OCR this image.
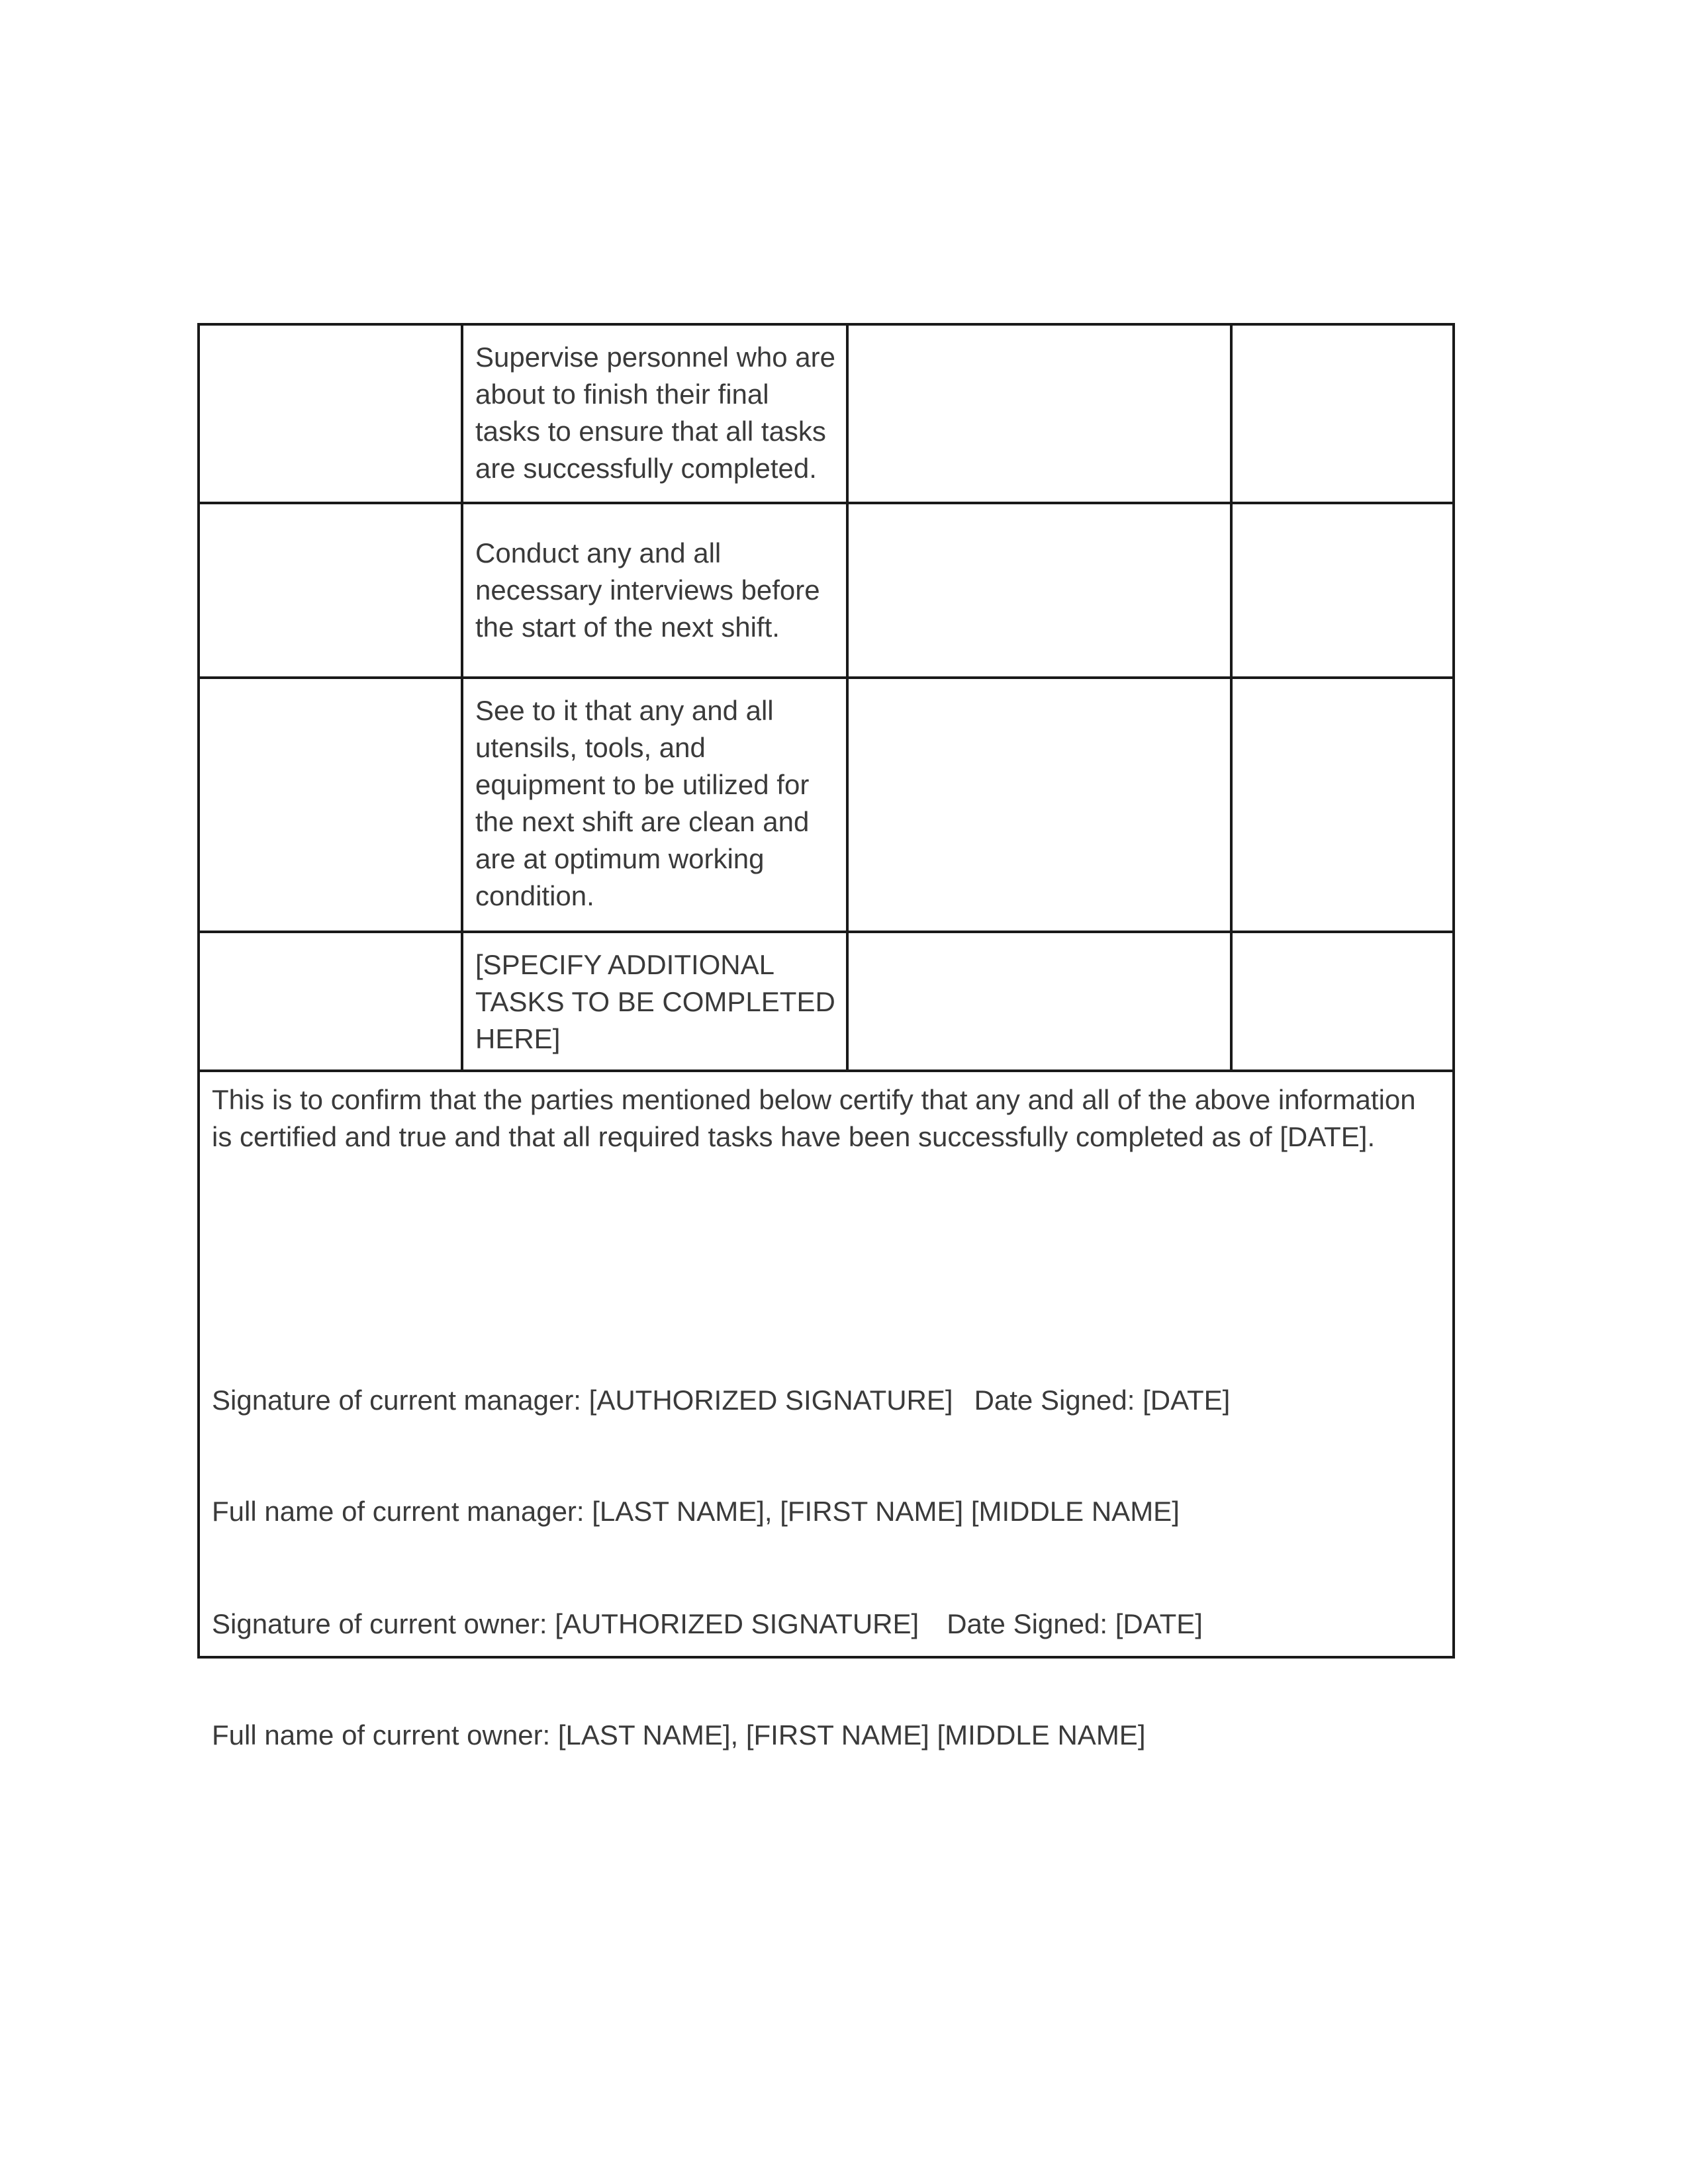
	Supervise personnel who are about to finish their final tasks to ensure that all tasks are successfully completed.		

	Conduct any and all necessary interviews before the start of the next shift.		

	See to it that any and all utensils, tools, and equipment to be utilized for the next shift are clean and are at optimum working condition.		

	[SPECIFY ADDITIONAL TASKS TO BE COMPLETED HERE]		

This is to confirm that the parties mentioned below certify that any and all of the above information is certified and true and that all required tasks have been successfully completed as of [DATE].

Signature of current manager: [AUTHORIZED SIGNATURE] Date Signed: [DATE]

Full name of current manager: [LAST NAME], [FIRST NAME] [MIDDLE NAME]

Signature of current owner: [AUTHORIZED SIGNATURE] Date Signed: [DATE]

Full name of current owner: [LAST NAME], [FIRST NAME] [MIDDLE NAME]
